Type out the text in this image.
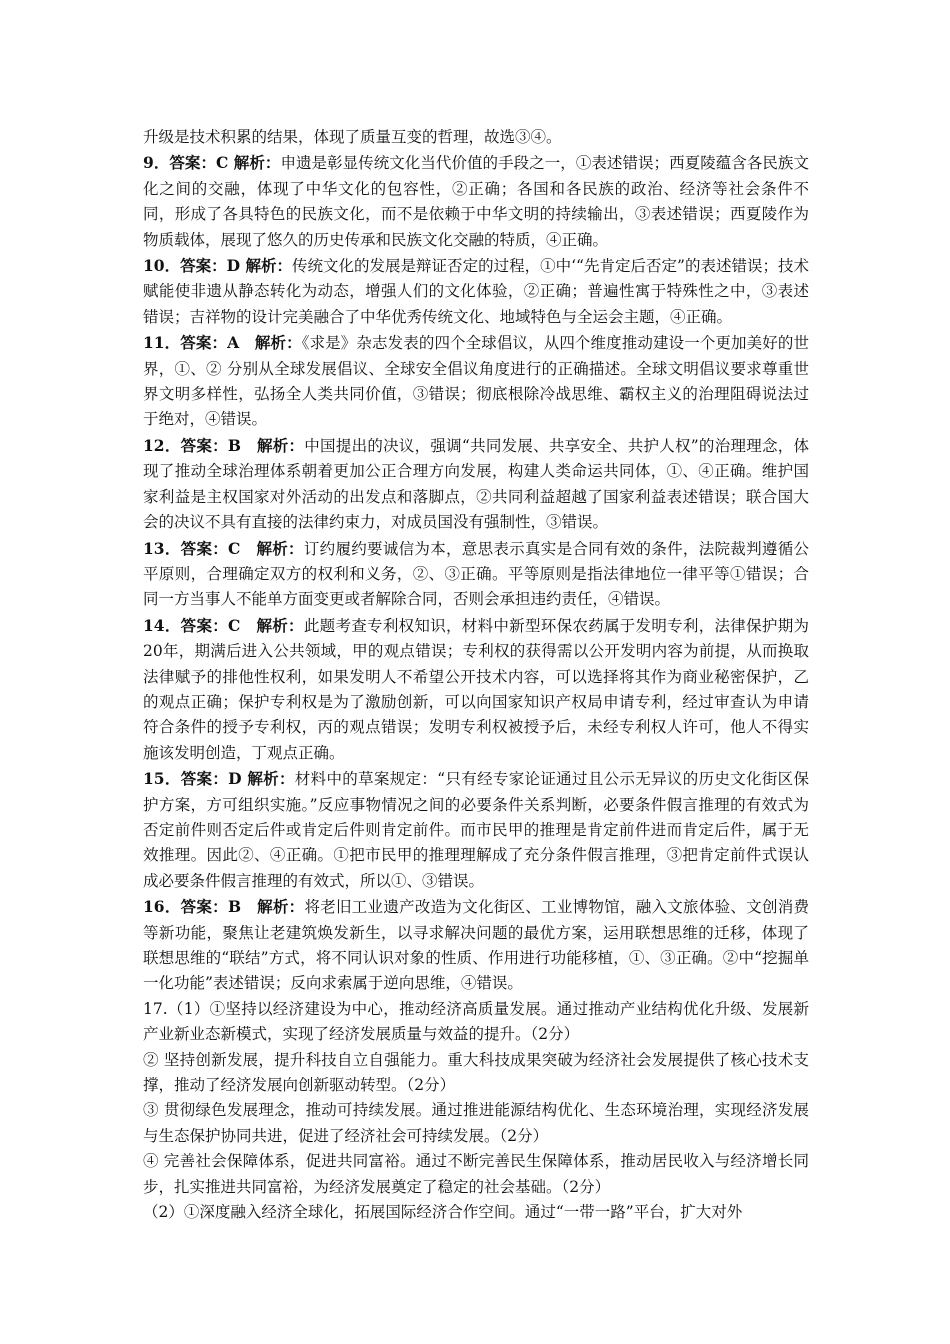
升级是技术积累的结果，体现了质量互变的哲理，故选③④。

9．答案：C 解析：申遗是彰显传统文化当代价值的手段之一，①表述错误；西夏陵蕴含各民族文化之间的交融，体现了中华文化的包容性，②正确；各国和各民族的政治、经济等社会条件不同，形成了各具特色的民族文化，而不是依赖于中华文明的持续输出，③表述错误；西夏陵作为物质载体，展现了悠久的历史传承和民族文化交融的特质，④正确。

10．答案：D 解析：传统文化的发展是辩证否定的过程，①中‘“先肯定后否定”的表述错误；技术赋能使非遗从静态转化为动态，增强人们的文化体验，②正确；普遍性寓于特殊性之中，③表述错误；吉祥物的设计完美融合了中华优秀传统文化、地域特色与全运会主题，④正确。

11．答案：A　解析：《求是》杂志发表的四个全球倡议，从四个维度推动建设一个更加美好的世界，①、② 分别从全球发展倡议、全球安全倡议角度进行的正确描述。全球文明倡议要求尊重世界文明多样性，弘扬全人类共同价值，③错误；彻底根除冷战思维、霸权主义的治理阻碍说法过于绝对，④错误。

12．答案：B　解析：中国提出的决议，强调“共同发展、共享安全、共护人权”的治理理念，体现了推动全球治理体系朝着更加公正合理方向发展，构建人类命运共同体，①、④正确。维护国家利益是主权国家对外活动的出发点和落脚点，②共同利益超越了国家利益表述错误；联合国大会的决议不具有直接的法律约束力，对成员国没有强制性，③错误。

13．答案：C　解析：订约履约要诚信为本，意思表示真实是合同有效的条件，法院裁判遵循公平原则，合理确定双方的权利和义务，②、③正确。平等原则是指法律地位一律平等①错误；合同一方当事人不能单方面变更或者解除合同，否则会承担违约责任，④错误。

14．答案：C　解析：此题考查专利权知识，材料中新型环保农药属于发明专利，法律保护期为20年，期满后进入公共领域，甲的观点错误；专利权的获得需以公开发明内容为前提，从而换取法律赋予的排他性权利，如果发明人不希望公开技术内容，可以选择将其作为商业秘密保护，乙的观点正确；保护专利权是为了激励创新，可以向国家知识产权局申请专利，经过审查认为申请符合条件的授予专利权，丙的观点错误；发明专利权被授予后，未经专利权人许可，他人不得实施该发明创造，丁观点正确。

15．答案：D 解析：材料中的草案规定：“只有经专家论证通过且公示无异议的历史文化街区保护方案，方可组织实施。”反应事物情况之间的必要条件关系判断，必要条件假言推理的有效式为否定前件则否定后件或肯定后件则肯定前件。而市民甲的推理是肯定前件进而肯定后件，属于无效推理。因此②、④正确。①把市民甲的推理理解成了充分条件假言推理，③把肯定前件式误认成必要条件假言推理的有效式，所以①、③错误。

16．答案：B　解析：将老旧工业遗产改造为文化街区、工业博物馆，融入文旅体验、文创消费等新功能，聚焦让老建筑焕发新生，以寻求解决问题的最优方案，运用联想思维的迁移，体现了联想思维的“联结”方式，将不同认识对象的性质、作用进行功能移植，①、③正确。②中“挖掘单一化功能”表述错误；反向求索属于逆向思维，④错误。

17.（1）①坚持以经济建设为中心，推动经济高质量发展。通过推动产业结构优化升级、发展新产业新业态新模式，实现了经济发展质量与效益的提升。（2分）

② 坚持创新发展，提升科技自立自强能力。重大科技成果突破为经济社会发展提供了核心技术支撑，推动了经济发展向创新驱动转型。（2分）

③ 贯彻绿色发展理念，推动可持续发展。通过推进能源结构优化、生态环境治理，实现经济发展与生态保护协同共进，促进了经济社会可持续发展。（2分）

④ 完善社会保障体系，促进共同富裕。通过不断完善民生保障体系，推动居民收入与经济增长同步，扎实推进共同富裕，为经济发展奠定了稳定的社会基础。（2分）

（2）①深度融入经济全球化，拓展国际经济合作空间。通过“一带一路”平台，扩大对外
